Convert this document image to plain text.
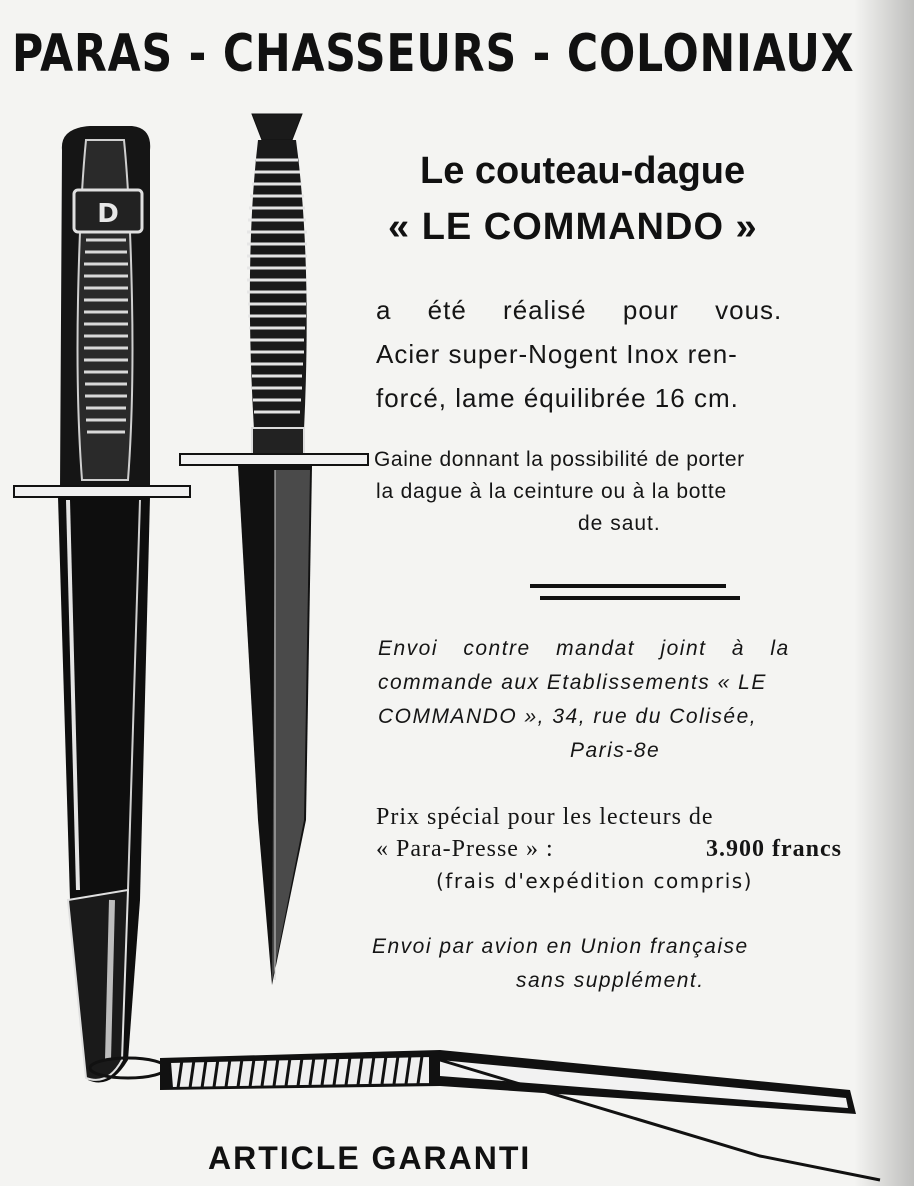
D
PARAS - CHASSEURS - COLONIAUX
Le couteau-dague
« LE COMMANDO »
a été réalisé pour vous.
Acier super-Nogent Inox ren-
forcé, lame équilibrée 16 cm.
Gaine donnant la possibilité de porter
la dague à la ceinture ou à la botte
de saut.
Envoi contre mandat joint à la
commande aux Etablissements « LE
COMMANDO », 34, rue du Colisée,
Paris-8e
Prix spécial pour les lecteurs de
« Para-Presse » :	3.900 francs
(frais d'expédition compris)
Envoi par avion en Union française
sans supplément.
ARTICLE GARANTI
